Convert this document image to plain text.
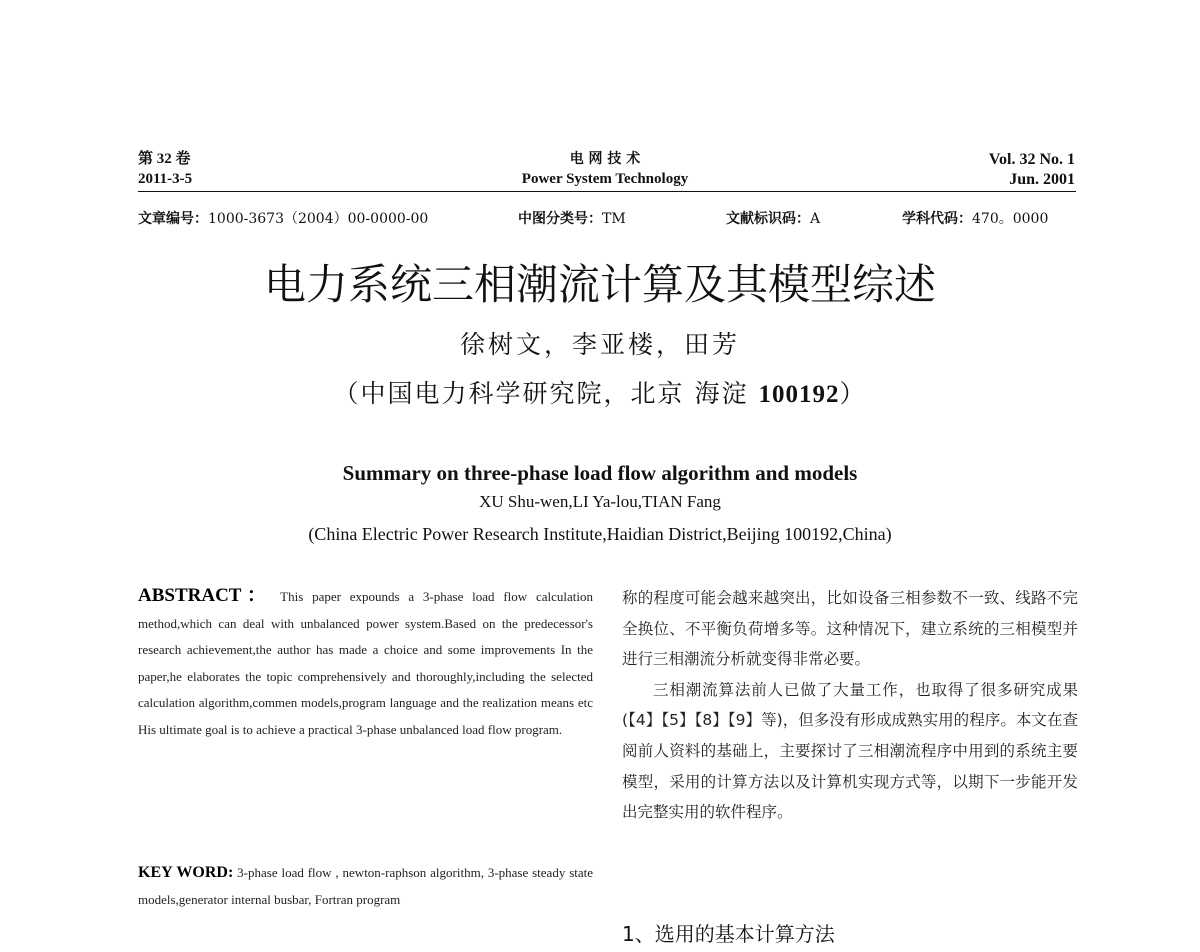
第 32 卷
2011-3-5
电 网 技 术
Power System Technology
Vol. 32 No. 1
Jun. 2001
文章编号：1000-3673（2004）00-0000-00	中图分类号：TM	文献标识码：A	学科代码：470。0000
电力系统三相潮流计算及其模型综述
徐树文，李亚楼，田芳
（中国电力科学研究院，北京 海淀 100192）
Summary on three-phase load flow algorithm and models
XU Shu-wen,LI Ya-lou,TIAN Fang
(China Electric Power Research Institute,Haidian District,Beijing 100192,China)
ABSTRACT： This paper expounds a 3-phase load flow calculation method,which can deal with unbalanced power system.Based on the predecessor's research achievement,the author has made a choice and some improvements In the paper,he elaborates the topic comprehensively and thoroughly,including the selected calculation algorithm,commen models,program language and the realization means etc His ultimate goal is to achieve a practical 3-phase unbalanced load flow program.
KEY WORD: 3-phase load flow , newton-raphson algorithm, 3-phase steady state models,generator internal busbar, Fortran program

称的程度可能会越来越突出，比如设备三相参数不一致、线路不完全换位、不平衡负荷增多等。这种情况下，建立系统的三相模型并进行三相潮流分析就变得非常必要。

三相潮流算法前人已做了大量工作，也取得了很多研究成果(【4】【5】【8】【9】等)，但多没有形成成熟实用的程序。本文在查阅前人资料的基础上，主要探讨了三相潮流程序中用到的系统主要模型，采用的计算方法以及计算机实现方式等，以期下一步能开发出完整实用的软件程序。

1、选用的基本计算方法
